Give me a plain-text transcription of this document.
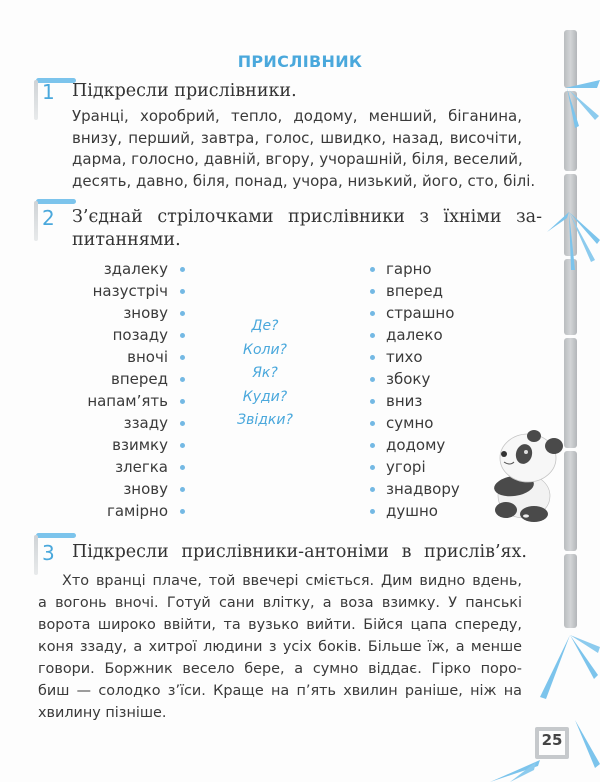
ПРИСЛІВНИК
1 Підкресли прислівники.
Уранці, хоробрий, тепло, додому, менший, біганина,
внизу, перший, завтра, голос, швидко, назад, височіти,
дарма, голосно, давній, вгору, учорашній, біля, веселий,
десять, давно, біля, понад, учора, низький, його, сто, білі.
2 З’єднай стрілочками прислівники з їхніми за-
питаннями.
здалеку
назустріч
знову
позаду
вночі
вперед
напам’ять
ззаду
взимку
злегка
знову
гамірно
Де?
Коли?
Як?
Куди?
Звідки?
гарно
вперед
страшно
далеко
тихо
збоку
вниз
сумно
додому
угорі
знадвору
душно
3 Підкресли прислівники-антоніми в прислів’ях.
Хто вранці плаче, той ввечері сміється. Дим видно вдень,
а вогонь вночі. Готуй сани влітку, а воза взимку. У панські
ворота широко ввійти, та вузько вийти. Бійся цапа спереду,
коня ззаду, а хитрої людини з усіх боків. Більше їж, а менше
говори. Боржник весело бере, а сумно віддає. Гірко поро-
биш — солодко з’їси. Краще на п’ять хвилин раніше, ніж на
хвилину пізніше.
25
